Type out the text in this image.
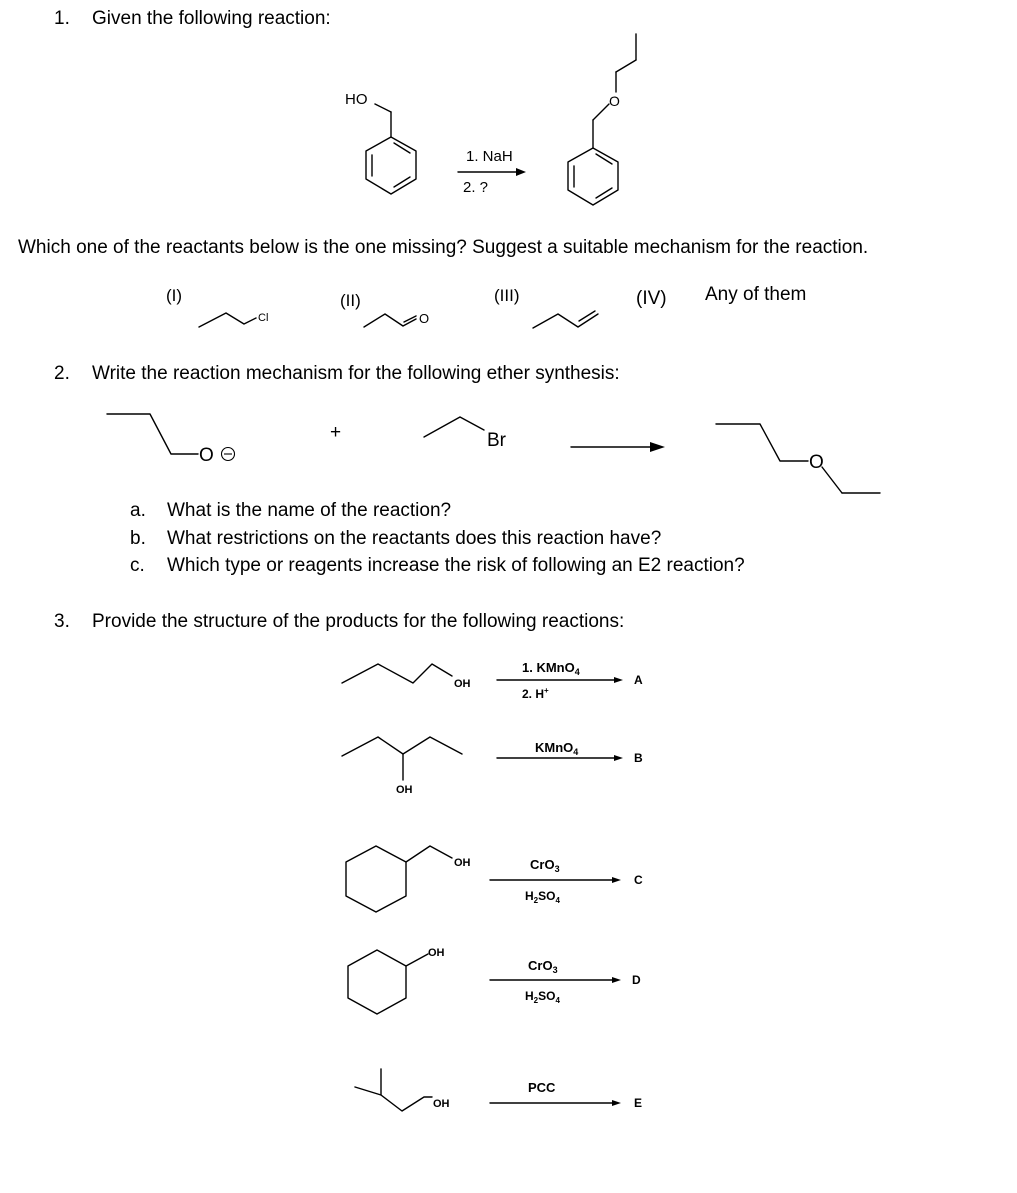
1. Given the following reaction:
HO
1. NaH
2. ?
O
Which one of the reactants below is the one missing? Suggest a suitable mechanism for the reaction.
(I)	(II)	(III)	(IV) Any of them
Cl	O
2. Write the reaction mechanism for the following ether synthesis:
O
+	Br
O
a. What is the name of the reaction?
b. What restrictions on the reactants does this reaction have?
c. Which type or reagents increase the risk of following an E2 reaction?
3. Provide the structure of the products for the following reactions:
OH
1. KMnO$_4$
2. H+
A
OH
KMnO$_4$	B
OH	CrO$_3$
$H_2SO_4$
C
OH
CrO$_3$
$H_2SO_4$
D
OH
PCC
E
